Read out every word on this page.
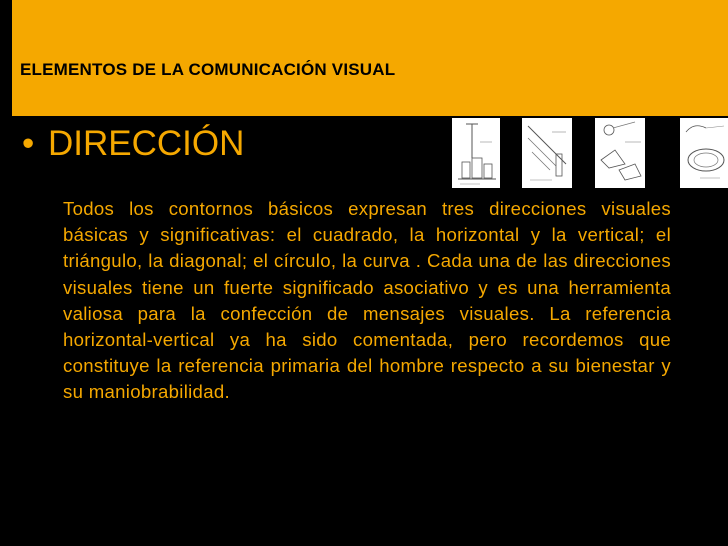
ELEMENTOS DE LA COMUNICACIÓN VISUAL
• DIRECCIÓN
Todos los contornos básicos expresan tres direcciones visuales básicas y significativas: el cuadrado, la horizontal y la vertical; el triángulo, la diagonal; el círculo, la curva . Cada una de las direcciones visuales tiene un fuerte significado asociativo y es una herramienta valiosa para la confección de mensajes visuales. La referencia horizontal-vertical ya ha sido comentada, pero recordemos que constituye la referencia primaria del hombre respecto a su bienestar y su maniobrabilidad.
